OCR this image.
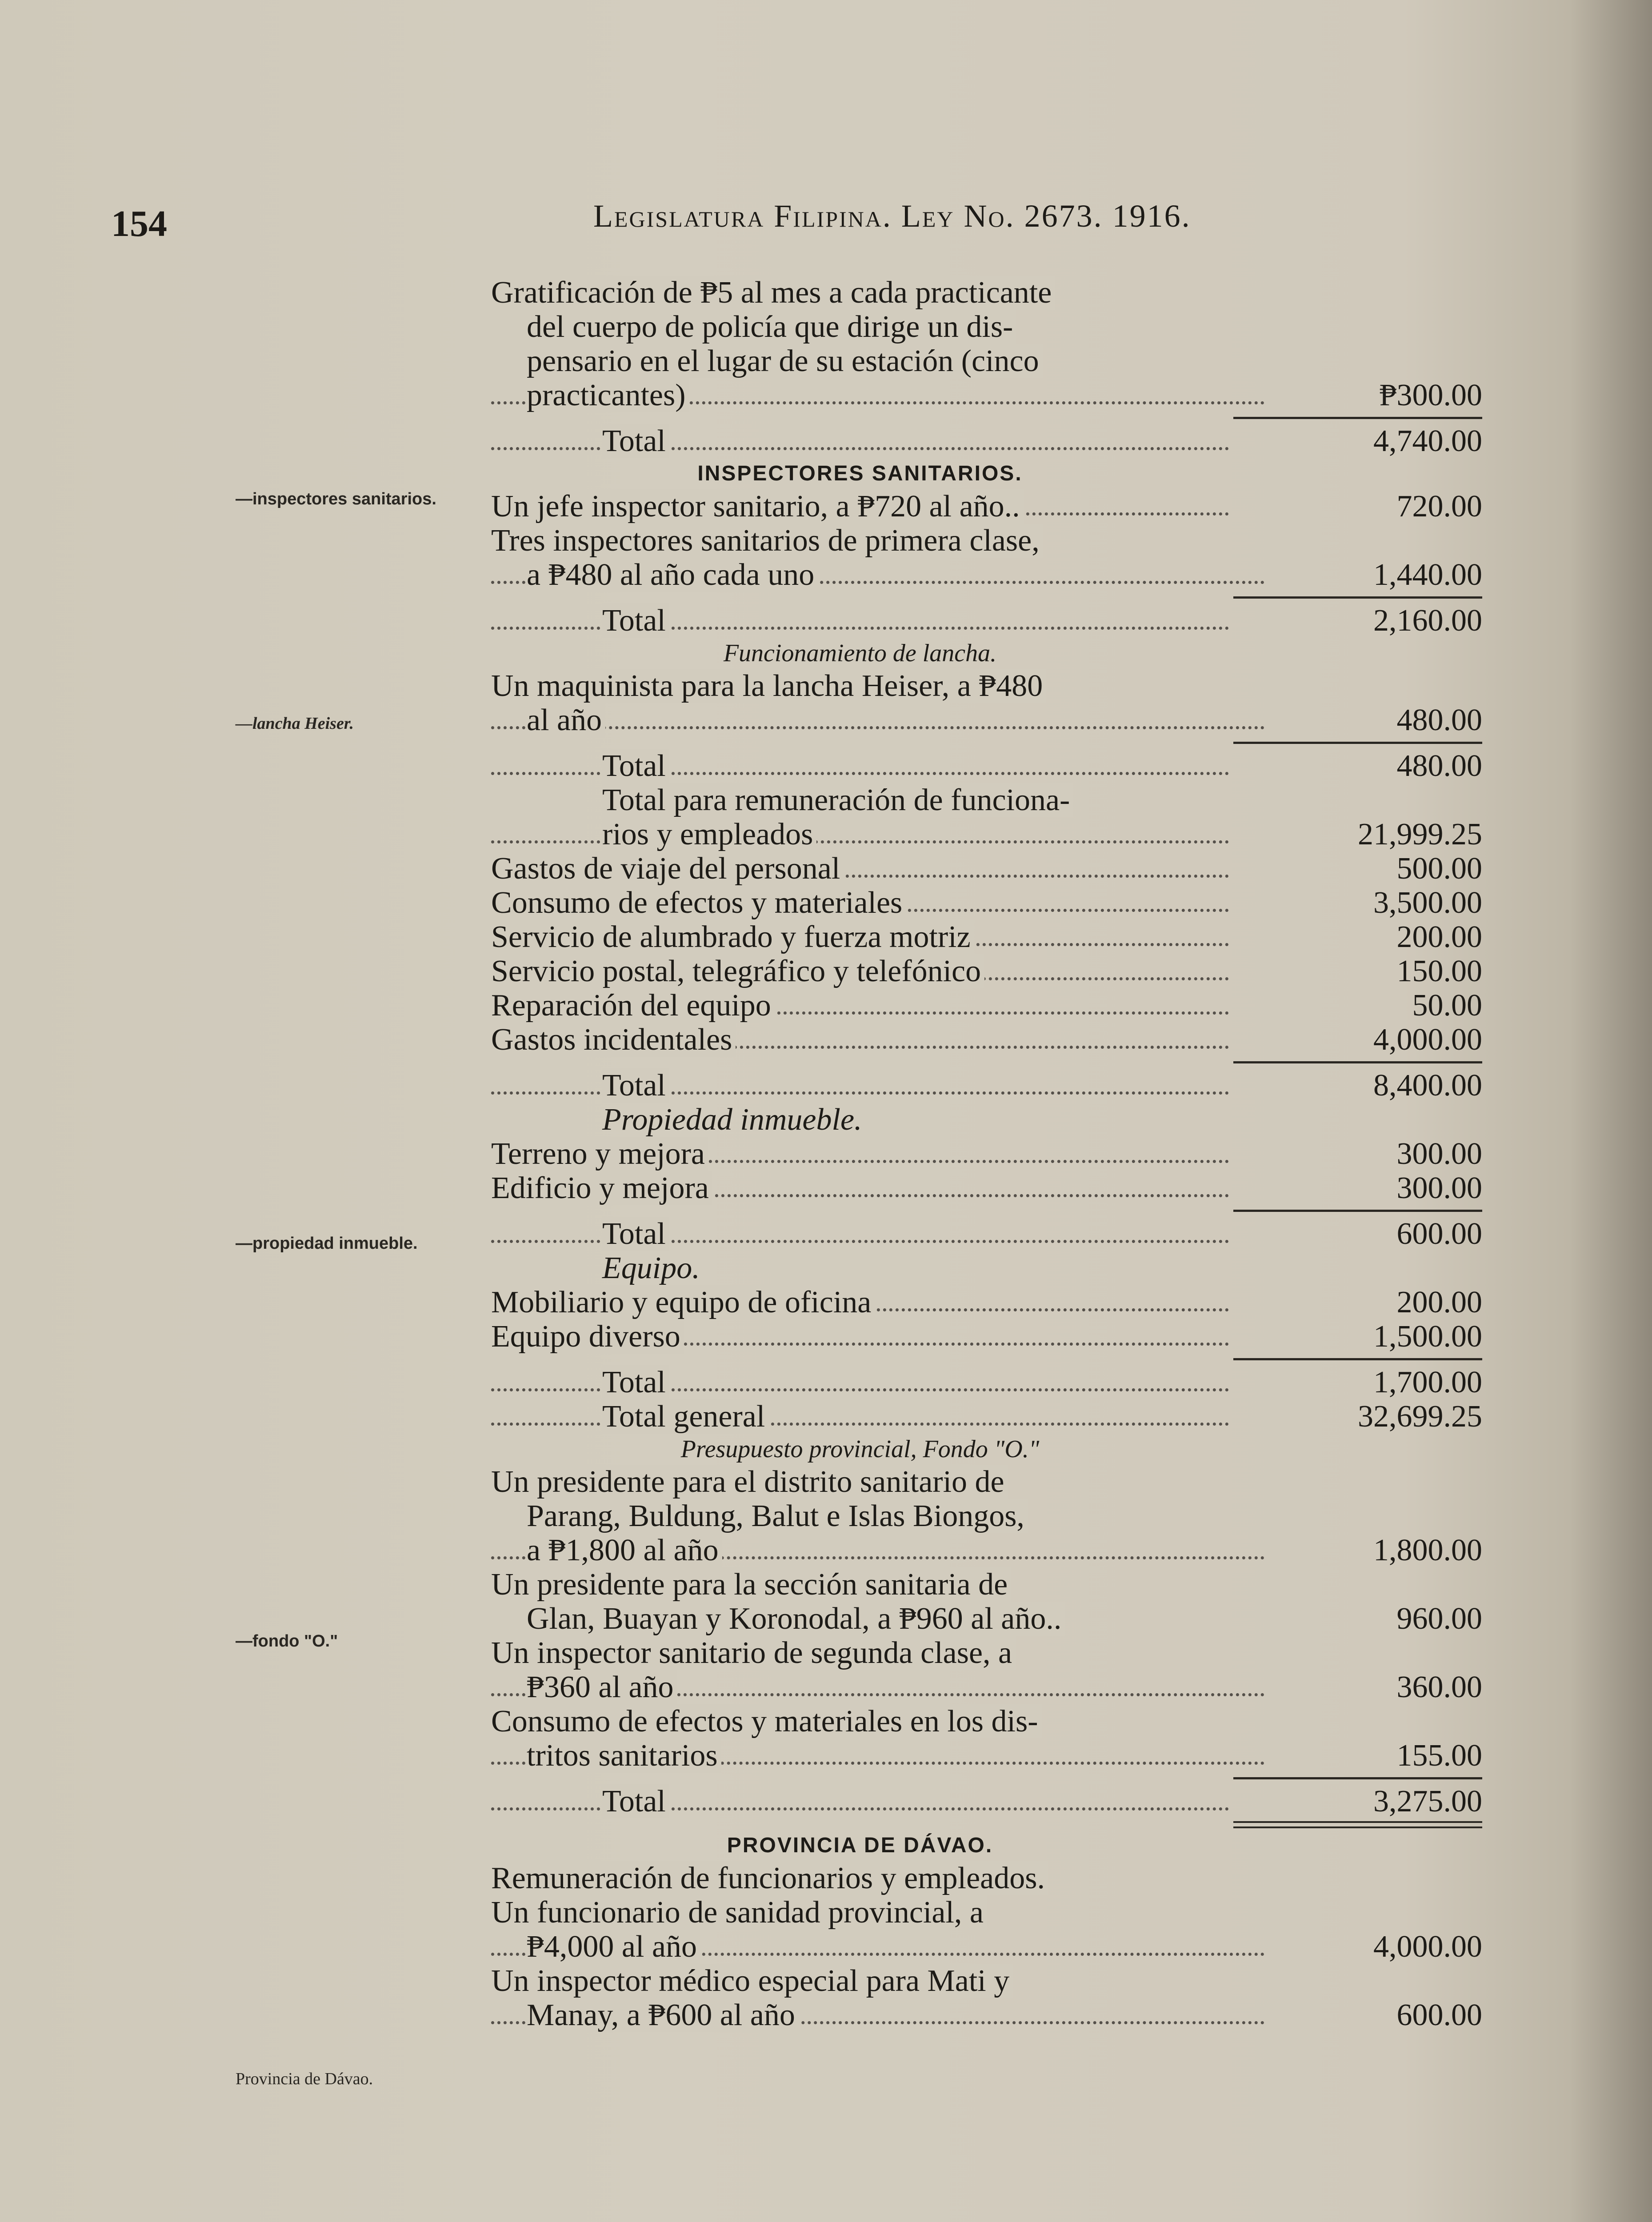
154	Legislatura Filipina. Ley No. 2673. 1916.
—inspectores sanitarios.
—lancha Heiser.
—propiedad inmueble.
—fondo "O."
Provincia de Dávao.
Gratificación de ₱5 al mes a cada practicante
del cuerpo de policía que dirige un dis-
pensario en el lugar de su estación (cinco
practicantes)	₱300.00
Total	4,740.00
INSPECTORES SANITARIOS.
Un jefe inspector sanitario, a ₱720 al año..	720.00
Tres inspectores sanitarios de primera clase,
a ₱480 al año cada uno	1,440.00
Total	2,160.00
Funcionamiento de lancha.
Un maquinista para la lancha Heiser, a ₱480
al año	480.00
Total	480.00
Total para remuneración de funciona-
rios y empleados	21,999.25
Gastos de viaje del personal	500.00
Consumo de efectos y materiales	3,500.00
Servicio de alumbrado y fuerza motriz	200.00
Servicio postal, telegráfico y telefónico	150.00
Reparación del equipo	50.00
Gastos incidentales	4,000.00
Total	8,400.00
Propiedad inmueble.
Terreno y mejora	300.00
Edificio y mejora	300.00
Total	600.00
Equipo.
Mobiliario y equipo de oficina	200.00
Equipo diverso	1,500.00
Total	1,700.00
Total general	32,699.25
Presupuesto provincial, Fondo "O."
Un presidente para el distrito sanitario de
Parang, Buldung, Balut e Islas Biongos,
a ₱1,800 al año	1,800.00
Un presidente para la sección sanitaria de
Glan, Buayan y Koronodal, a ₱960 al año..	960.00
Un inspector sanitario de segunda clase, a
₱360 al año	360.00
Consumo de efectos y materiales en los dis-
tritos sanitarios	155.00
Total	3,275.00
PROVINCIA DE DÁVAO.
Remuneración de funcionarios y empleados.
Un funcionario de sanidad provincial, a
₱4,000 al año	4,000.00
Un inspector médico especial para Mati y
Manay, a ₱600 al año	600.00
